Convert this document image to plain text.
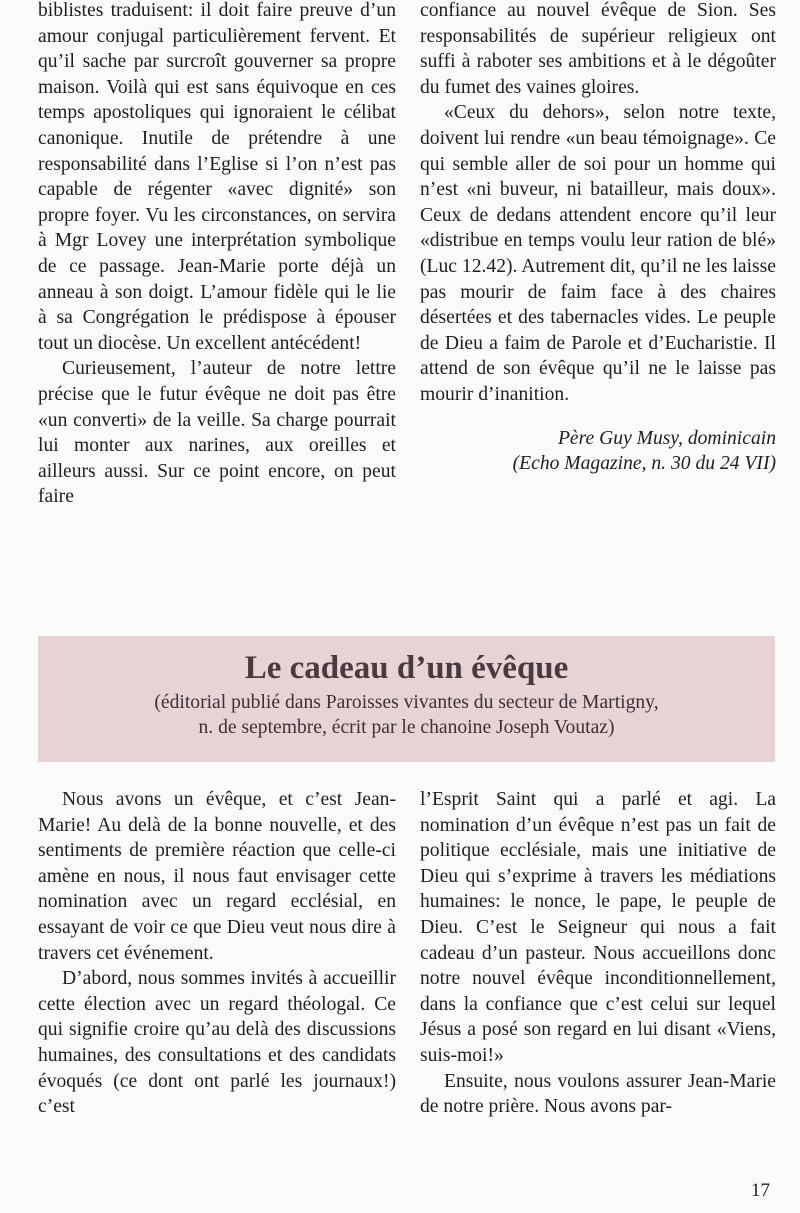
biblistes traduisent: il doit faire preuve d’un amour conjugal particulièrement fervent. Et qu’il sache par surcroît gouverner sa propre maison. Voilà qui est sans équivoque en ces temps apostoliques qui ignoraient le célibat canonique. Inutile de prétendre à une responsabilité dans l’Eglise si l’on n’est pas capable de régenter «avec dignité» son propre foyer. Vu les circonstances, on servira à Mgr Lovey une interprétation symbolique de ce passage. Jean-Marie porte déjà un anneau à son doigt. L’amour fidèle qui le lie à sa Congrégation le prédispose à épouser tout un diocèse. Un excellent antécédent!

Curieusement, l’auteur de notre lettre précise que le futur évêque ne doit pas être «un converti» de la veille. Sa charge pourrait lui monter aux narines, aux oreilles et ailleurs aussi. Sur ce point encore, on peut faire

confiance au nouvel évêque de Sion. Ses responsabilités de supérieur religieux ont suffi à raboter ses ambitions et à le dégoûter du fumet des vaines gloires.

«Ceux du dehors», selon notre texte, doivent lui rendre «un beau témoignage». Ce qui semble aller de soi pour un homme qui n’est «ni buveur, ni batailleur, mais doux». Ceux de dedans attendent encore qu’il leur «distribue en temps voulu leur ration de blé» (Luc 12.42). Autrement dit, qu’il ne les laisse pas mourir de faim face à des chaires désertées et des tabernacles vides. Le peuple de Dieu a faim de Parole et d’Eucharistie. Il attend de son évêque qu’il ne le laisse pas mourir d’inanition.

Père Guy Musy, dominicain
(Echo Magazine, n. 30 du 24 VII)

Le cadeau d’un évêque
(éditorial publié dans Paroisses vivantes du secteur de Martigny,
n. de septembre, écrit par le chanoine Joseph Voutaz)

Nous avons un évêque, et c’est Jean-Marie! Au delà de la bonne nouvelle, et des sentiments de première réaction que celle-ci amène en nous, il nous faut envisager cette nomination avec un regard ecclésial, en essayant de voir ce que Dieu veut nous dire à travers cet événement.

D’abord, nous sommes invités à accueillir cette élection avec un regard théologal. Ce qui signifie croire qu’au delà des discussions humaines, des consultations et des candidats évoqués (ce dont ont parlé les journaux!) c’est

l’Esprit Saint qui a parlé et agi. La nomination d’un évêque n’est pas un fait de politique ecclésiale, mais une initiative de Dieu qui s’exprime à travers les médiations humaines: le nonce, le pape, le peuple de Dieu. C’est le Seigneur qui nous a fait cadeau d’un pasteur. Nous accueillons donc notre nouvel évêque inconditionnellement, dans la confiance que c’est celui sur lequel Jésus a posé son regard en lui disant «Viens, suis-moi!»

Ensuite, nous voulons assurer Jean-Marie de notre prière. Nous avons par-

17
